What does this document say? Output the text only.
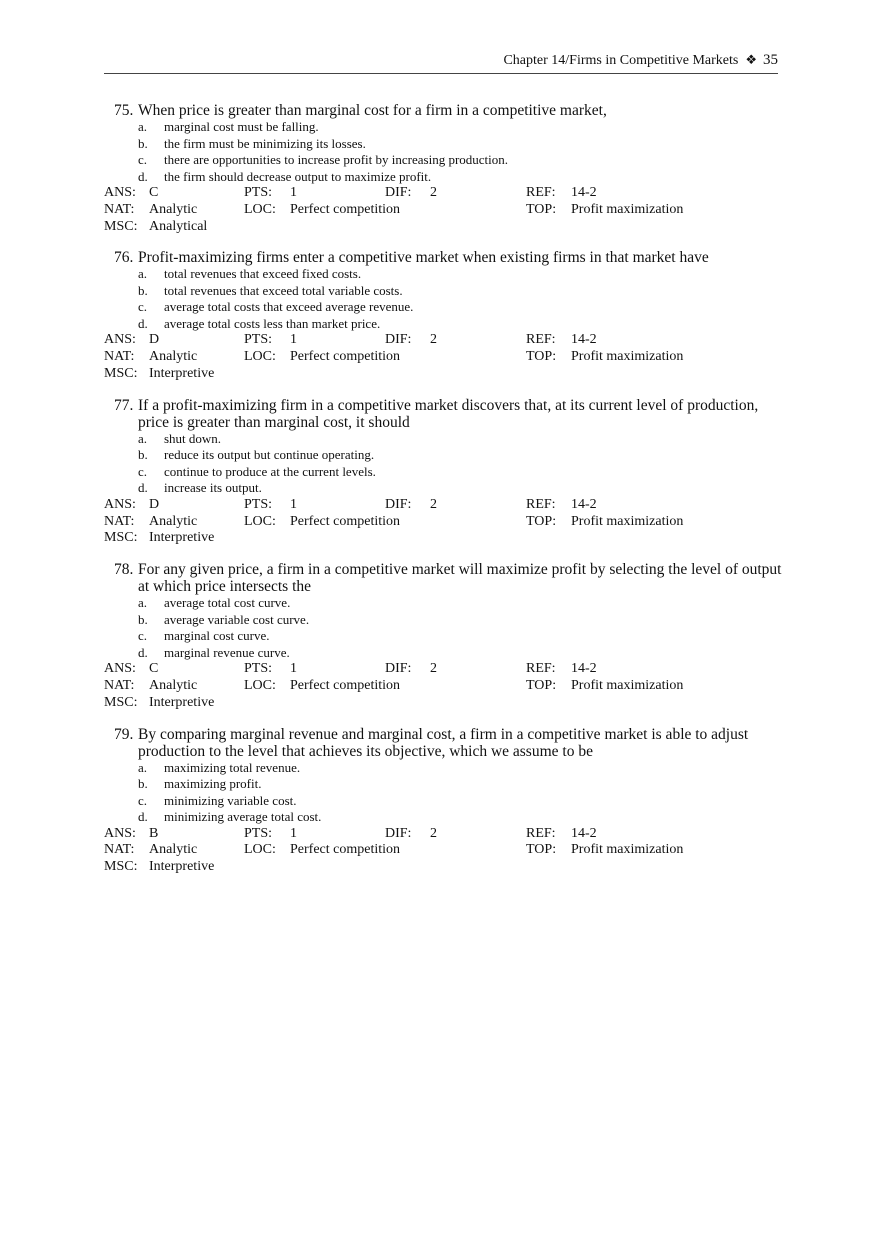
Chapter 14/Firms in Competitive Markets ❖ 35
75. When price is greater than marginal cost for a firm in a competitive market,
a. marginal cost must be falling.
b. the firm must be minimizing its losses.
c. there are opportunities to increase profit by increasing production.
d. the firm should decrease output to maximize profit.
ANS: C	PTS: 1	DIF: 2	REF: 14-2
NAT: Analytic	LOC: Perfect competition	TOP: Profit maximization
MSC: Analytical
76. Profit-maximizing firms enter a competitive market when existing firms in that market have
a. total revenues that exceed fixed costs.
b. total revenues that exceed total variable costs.
c. average total costs that exceed average revenue.
d. average total costs less than market price.
ANS: D	PTS: 1	DIF: 2	REF: 14-2
NAT: Analytic	LOC: Perfect competition	TOP: Profit maximization
MSC: Interpretive
77. If a profit-maximizing firm in a competitive market discovers that, at its current level of production, price is greater than marginal cost, it should
a. shut down.
b. reduce its output but continue operating.
c. continue to produce at the current levels.
d. increase its output.
ANS: D	PTS: 1	DIF: 2	REF: 14-2
NAT: Analytic	LOC: Perfect competition	TOP: Profit maximization
MSC: Interpretive
78. For any given price, a firm in a competitive market will maximize profit by selecting the level of output at which price intersects the
a. average total cost curve.
b. average variable cost curve.
c. marginal cost curve.
d. marginal revenue curve.
ANS: C	PTS: 1	DIF: 2	REF: 14-2
NAT: Analytic	LOC: Perfect competition	TOP: Profit maximization
MSC: Interpretive
79. By comparing marginal revenue and marginal cost, a firm in a competitive market is able to adjust production to the level that achieves its objective, which we assume to be
a. maximizing total revenue.
b. maximizing profit.
c. minimizing variable cost.
d. minimizing average total cost.
ANS: B	PTS: 1	DIF: 2	REF: 14-2
NAT: Analytic	LOC: Perfect competition	TOP: Profit maximization
MSC: Interpretive
